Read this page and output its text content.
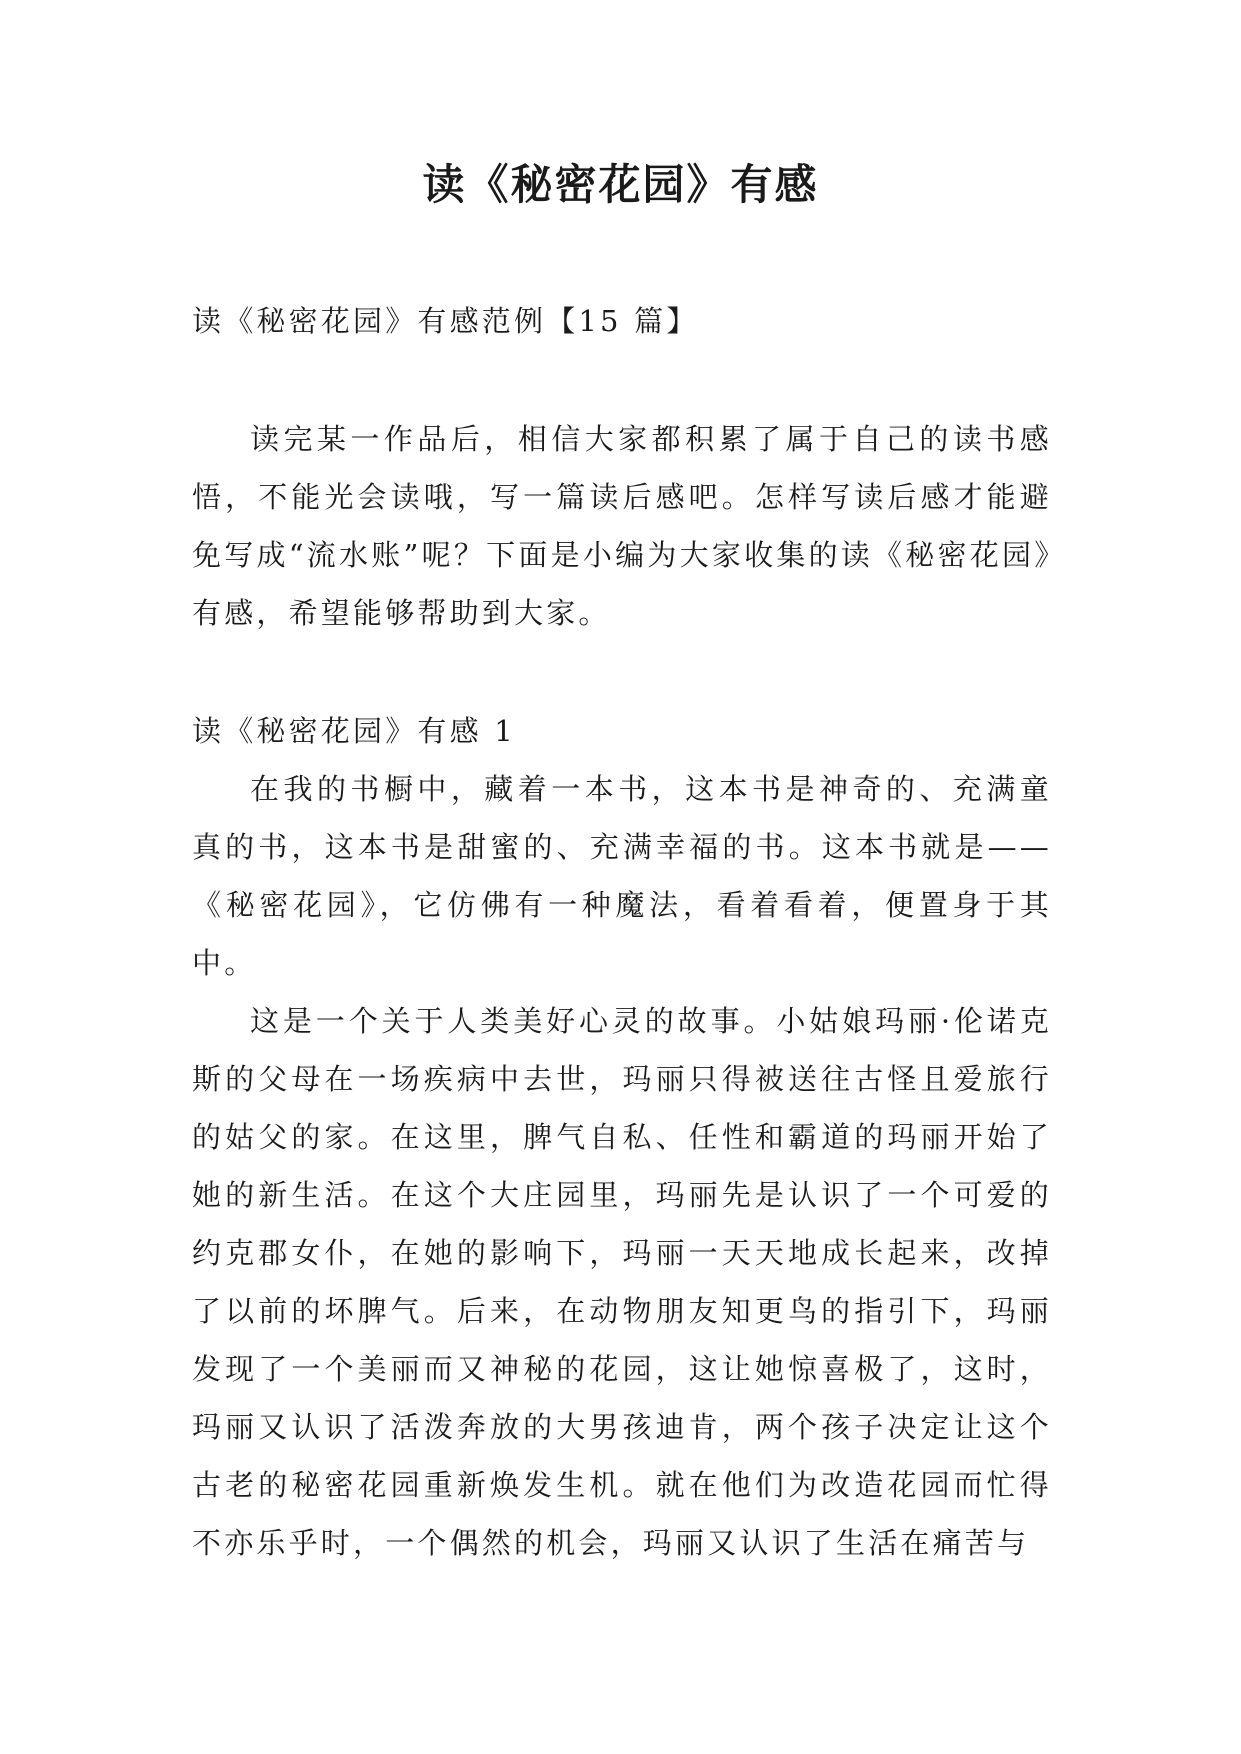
读《秘密花园》有感

读《秘密花园》有感范例【15 篇】

读完某一作品后，相信大家都积累了属于自己的读书感悟，不能光会读哦，写一篇读后感吧。怎样写读后感才能避免写成“流水账”呢？下面是小编为大家收集的读《秘密花园》有感，希望能够帮助到大家。

读《秘密花园》有感 1

在我的书橱中，藏着一本书，这本书是神奇的、充满童真的书，这本书是甜蜜的、充满幸福的书。这本书就是——《秘密花园》，它仿佛有一种魔法，看着看着，便置身于其中。

这是一个关于人类美好心灵的故事。小姑娘玛丽·伦诺克斯的父母在一场疾病中去世，玛丽只得被送往古怪且爱旅行的姑父的家。在这里，脾气自私、任性和霸道的玛丽开始了她的新生活。在这个大庄园里，玛丽先是认识了一个可爱的约克郡女仆，在她的影响下，玛丽一天天地成长起来，改掉了以前的坏脾气。后来，在动物朋友知更鸟的指引下，玛丽发现了一个美丽而又神秘的花园，这让她惊喜极了，这时，玛丽又认识了活泼奔放的大男孩迪肯，两个孩子决定让这个古老的秘密花园重新焕发生机。就在他们为改造花园而忙得不亦乐乎时，一个偶然的机会，玛丽又认识了生活在痛苦与
